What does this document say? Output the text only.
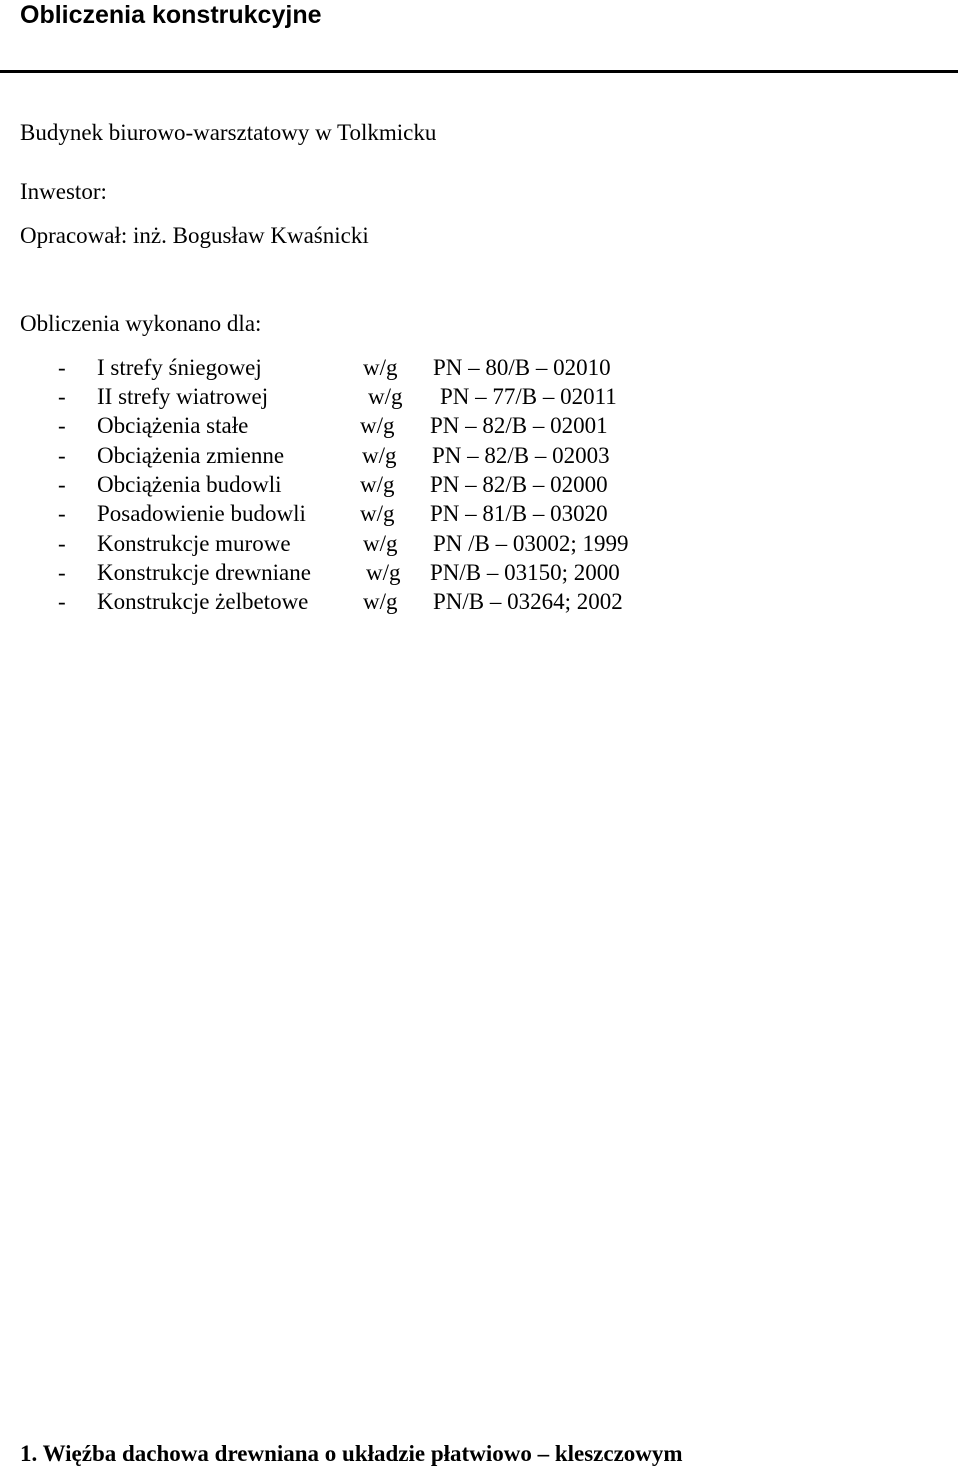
Obliczenia konstrukcyjne
Budynek biurowo-warsztatowy w Tolkmicku
Inwestor:
Opracował: inż. Bogusław Kwaśnicki
Obliczenia wykonano dla:
- I strefy śniegowej	w/g PN – 80/B – 02010
- II strefy wiatrowej	w/g PN – 77/B – 02011
- Obciążenia stałe	w/g PN – 82/B – 02001
- Obciążenia zmienne	w/g PN – 82/B – 02003
- Obciążenia budowli	w/g PN – 82/B – 02000
- Posadowienie budowli w/g PN – 81/B – 03020
- Konstrukcje murowe	w/g PN /B – 03002; 1999
- Konstrukcje drewniane w/g PN/B – 03150; 2000
- Konstrukcje żelbetowe w/g PN/B – 03264; 2002
1. Więźba dachowa drewniana o układzie płatwiowo – kleszczowym
